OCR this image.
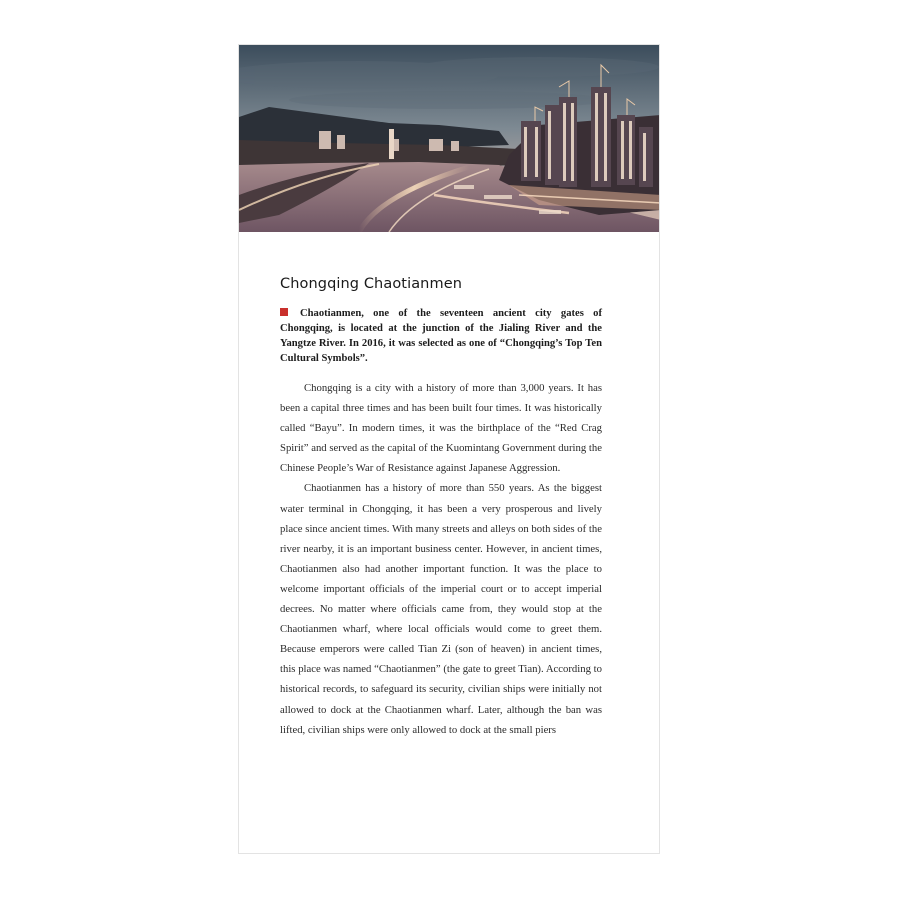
Chongqing Chaotianmen

Chaotianmen, one of the seventeen ancient city gates of Chongqing, is located at the junction of the Jialing River and the Yangtze River. In 2016, it was selected as one of “Chongqing’s Top Ten Cultural Symbols”.

Chongqing is a city with a history of more than 3,000 years. It has been a capital three times and has been built four times. It was historically called “Bayu”. In modern times, it was the birthplace of the “Red Crag Spirit” and served as the capital of the Kuomintang Government during the Chinese People’s War of Resistance against Japanese Aggression.

Chaotianmen has a history of more than 550 years. As the biggest water terminal in Chongqing, it has been a very prosperous and lively place since ancient times. With many streets and alleys on both sides of the river nearby, it is an important business center. However, in ancient times, Chaotianmen also had another important function. It was the place to welcome important officials of the imperial court or to accept imperial decrees. No matter where officials came from, they would stop at the Chaotianmen wharf, where local officials would come to greet them. Because emperors were called Tian Zi (son of heaven) in ancient times, this place was named “Chaotianmen” (the gate to greet Tian). According to historical records, to safeguard its security, civilian ships were initially not allowed to dock at the Chaotianmen wharf. Later, although the ban was lifted, civilian ships were only allowed to dock at the small piers
